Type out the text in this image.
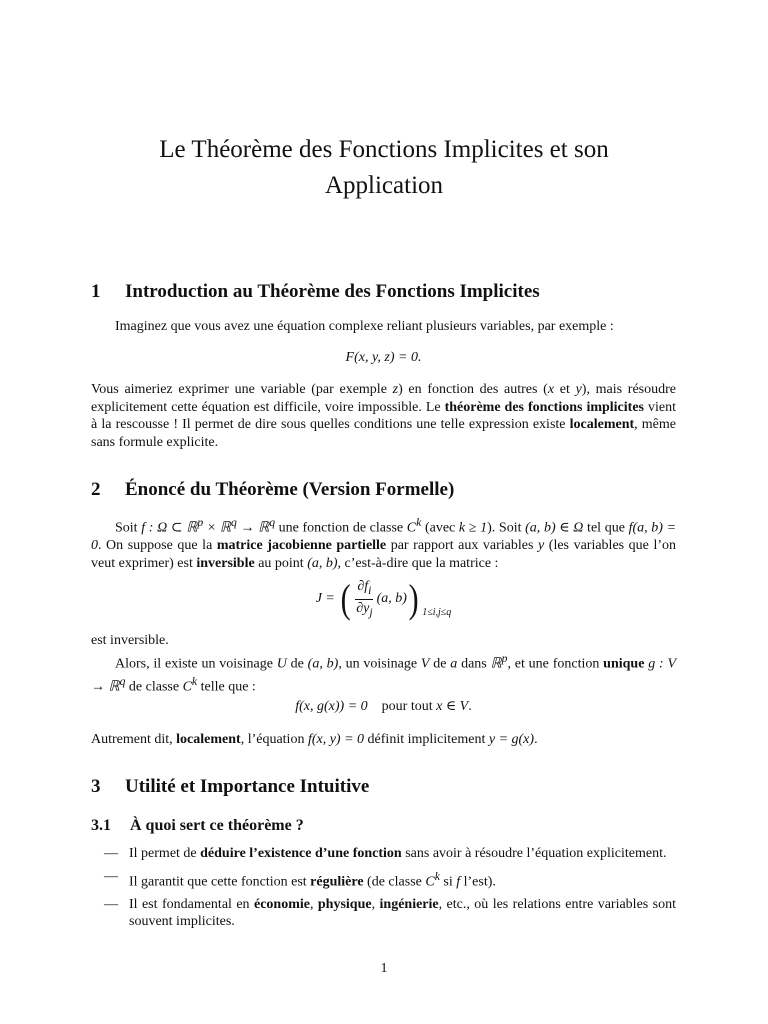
Le Théorème des Fonctions Implicites et son Application
1 Introduction au Théorème des Fonctions Implicites

Imaginez que vous avez une équation complexe reliant plusieurs variables, par exemple :

F(x, y, z) = 0.

Vous aimeriez exprimer une variable (par exemple z) en fonction des autres (x et y), mais résoudre explicitement cette équation est difficile, voire impossible. Le théorème des fonctions implicites vient à la rescousse ! Il permet de dire sous quelles conditions une telle expression existe localement, même sans formule explicite.

2 Énoncé du Théorème (Version Formelle)

Soit f : Ω ⊂ ℝ$^p$ × ℝ$^q$ → ℝ$^q$ une fonction de classe $C^k$ (avec k ≥ 1). Soit (a, b) ∈ Ω tel que f(a, b) = 0. On suppose que la matrice jacobienne partielle par rapport aux variables y (les variables que l’on veut exprimer) est inversible au point (a, b), c’est-à-dire que la matrice :

J = ( $\frac{\partial f_i}{\partial y_j} (a$, b) ) 1≤i,j≤q

est inversible.

Alors, il existe un voisinage U de (a, b), un voisinage V de a dans ℝ$^p$, et une fonction unique g : V → ℝ$^q$ de classe $C^k$ telle que :

f(x, g(x)) = 0 pour tout x ∈ V.

Autrement dit, localement, l’équation f(x, y) = 0 définit implicitement y = g(x).

3 Utilité et Importance Intuitive
3.1 À quoi sert ce théorème ?
— Il permet de déduire l’existence d’une fonction sans avoir à résoudre l’équation explicitement.
— Il garantit que cette fonction est régulière (de classe $C^k$ si f l’est).
— Il est fondamental en économie, physique, ingénierie, etc., où les relations entre variables sont souvent implicites.

1
